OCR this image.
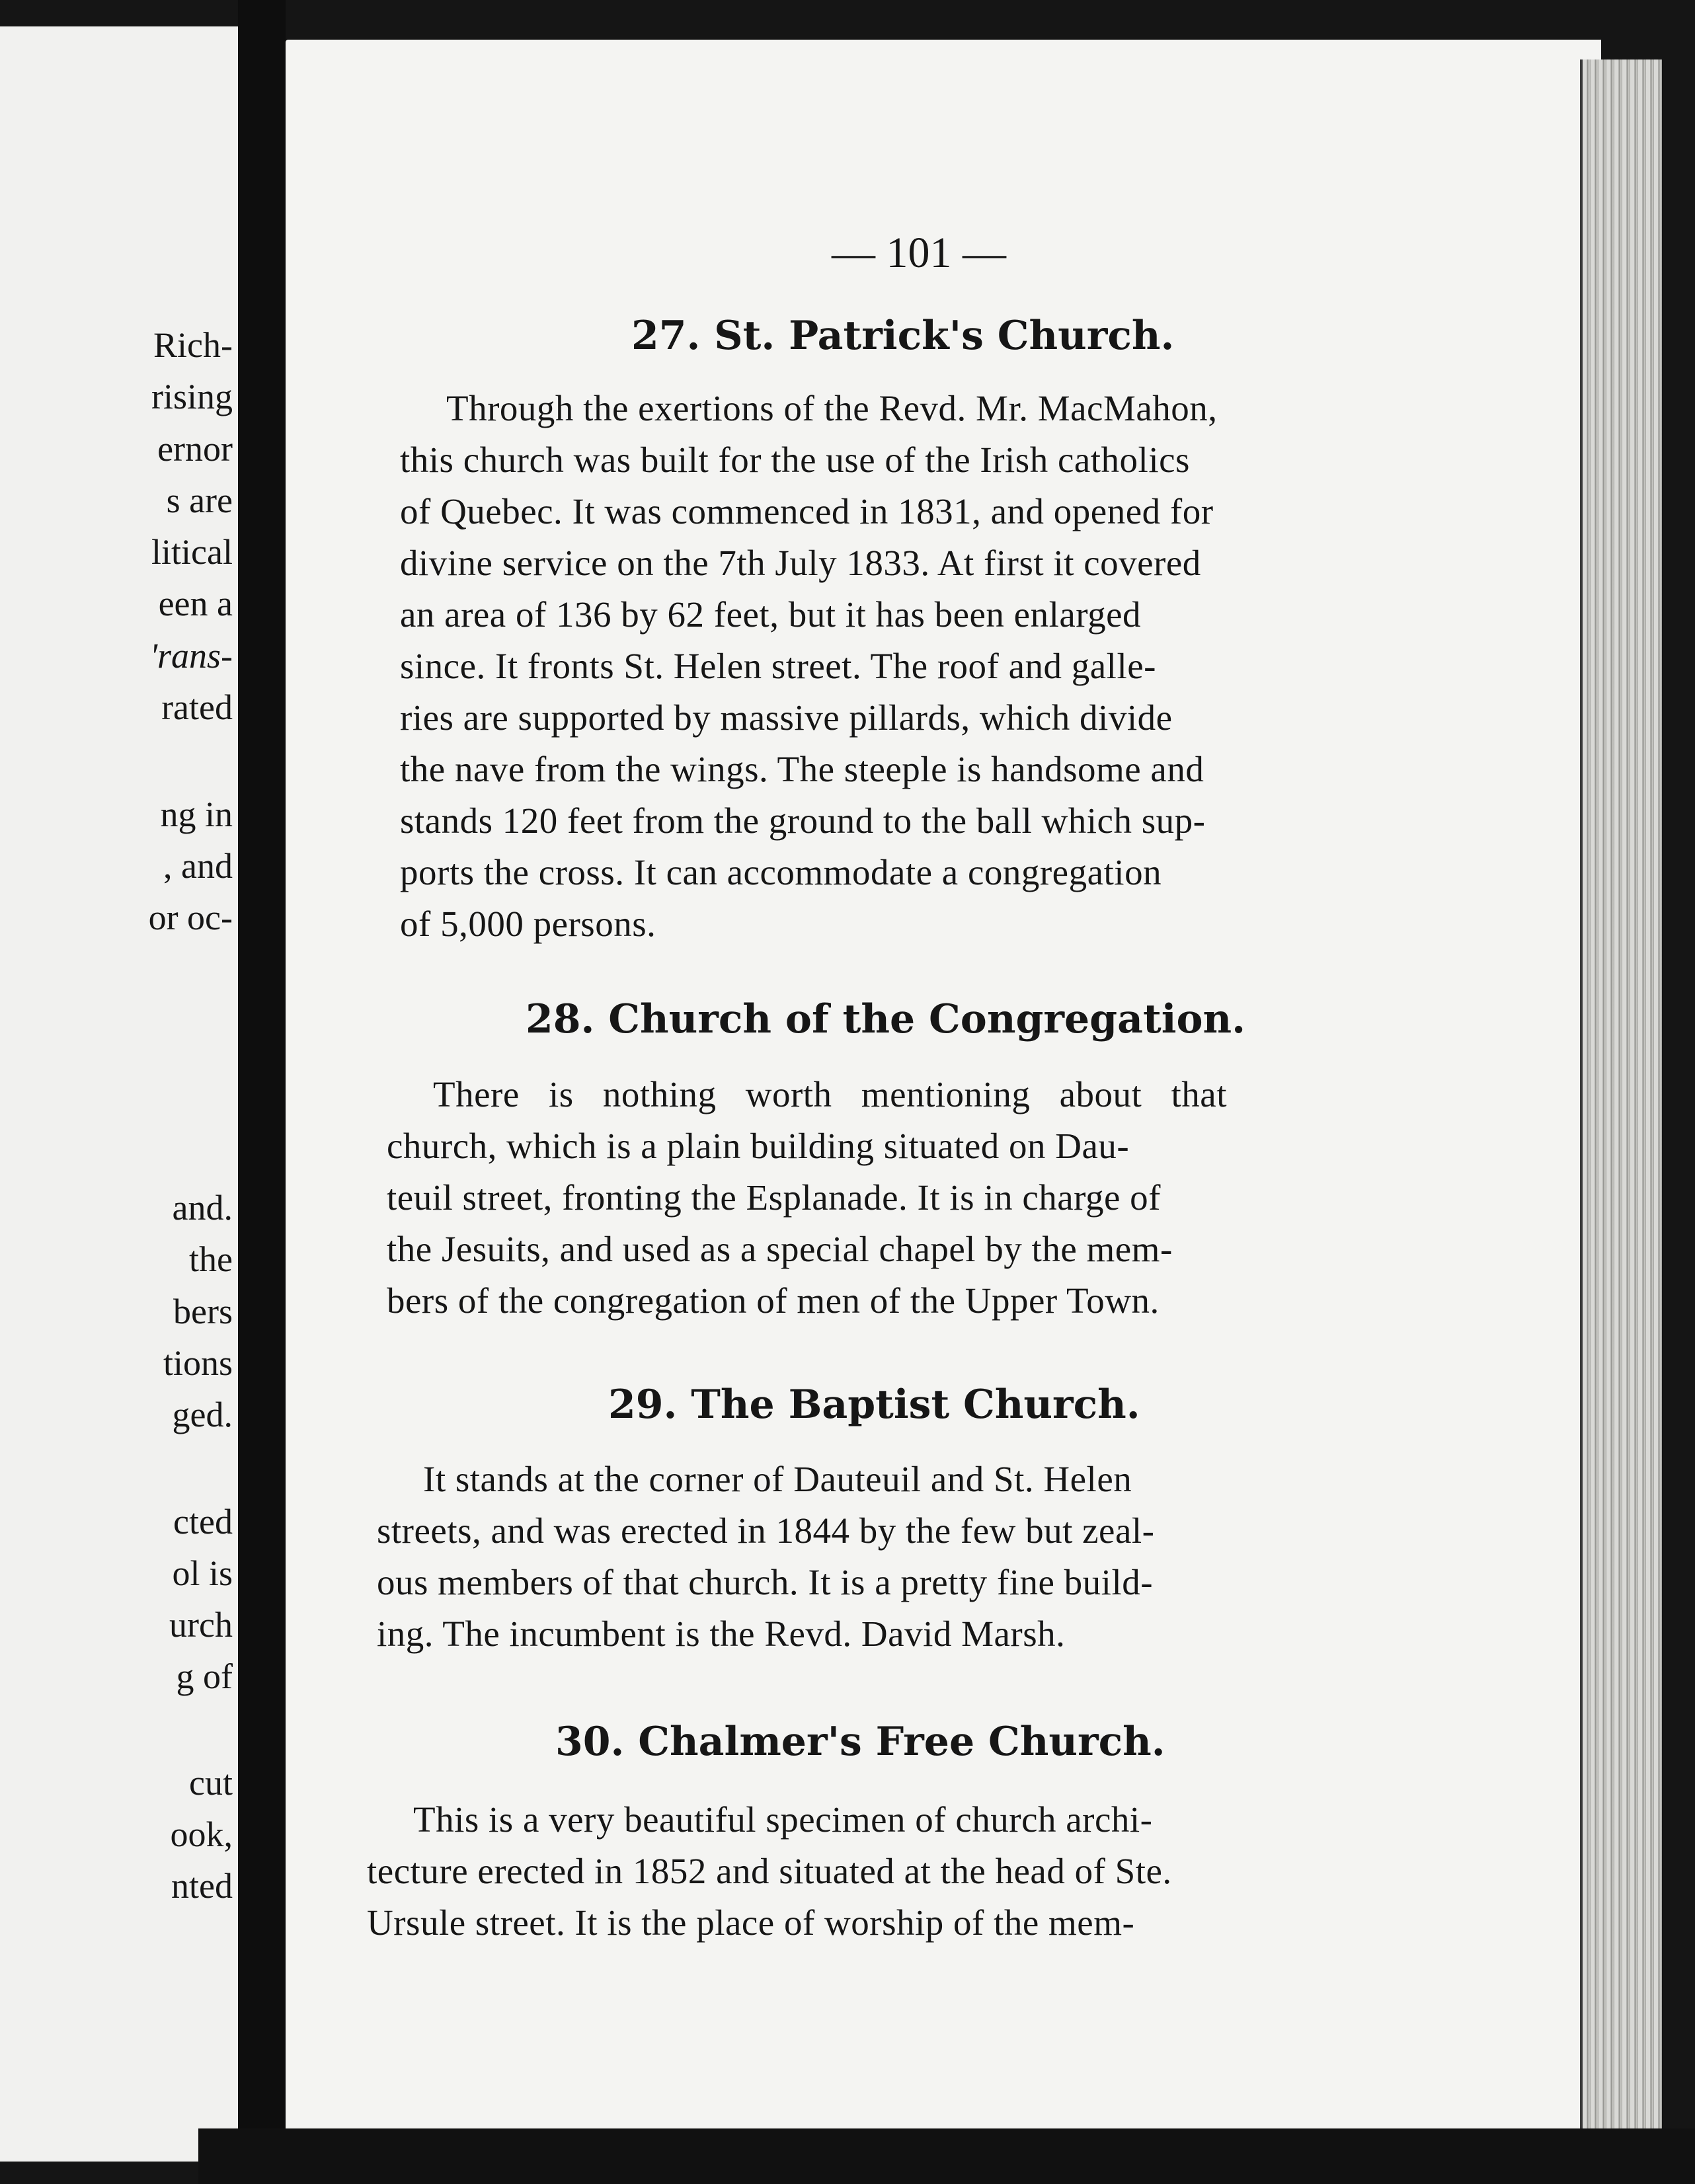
Rich-
rising
ernor
s are
litical
een a
'rans-
rated
ng in
, and
or oc-
and.
the
bers
tions
ged.
cted
ol is
urch
g of
cut
ook,
nted
— 101 —
27. St. Patrick's Church.
Through the exertions of the Revd. Mr. MacMahon,
this church was built for the use of the Irish catholics
of Quebec. It was commenced in 1831, and opened for
divine service on the 7th July 1833. At first it covered
an area of 136 by 62 feet, but it has been enlarged
since. It fronts St. Helen street. The roof and galle-
ries are supported by massive pillards, which divide
the nave from the wings. The steeple is handsome and
stands 120 feet from the ground to the ball which sup-
ports the cross. It can accommodate a congregation
of 5,000 persons.
28. Church of the Congregation.
There is nothing worth mentioning about that
church, which is a plain building situated on Dau-
teuil street, fronting the Esplanade. It is in charge of
the Jesuits, and used as a special chapel by the mem-
bers of the congregation of men of the Upper Town.
29. The Baptist Church.
It stands at the corner of Dauteuil and St. Helen
streets, and was erected in 1844 by the few but zeal-
ous members of that church. It is a pretty fine build-
ing. The incumbent is the Revd. David Marsh.
30. Chalmer's Free Church.
This is a very beautiful specimen of church archi-
tecture erected in 1852 and situated at the head of Ste.
Ursule street. It is the place of worship of the mem-
